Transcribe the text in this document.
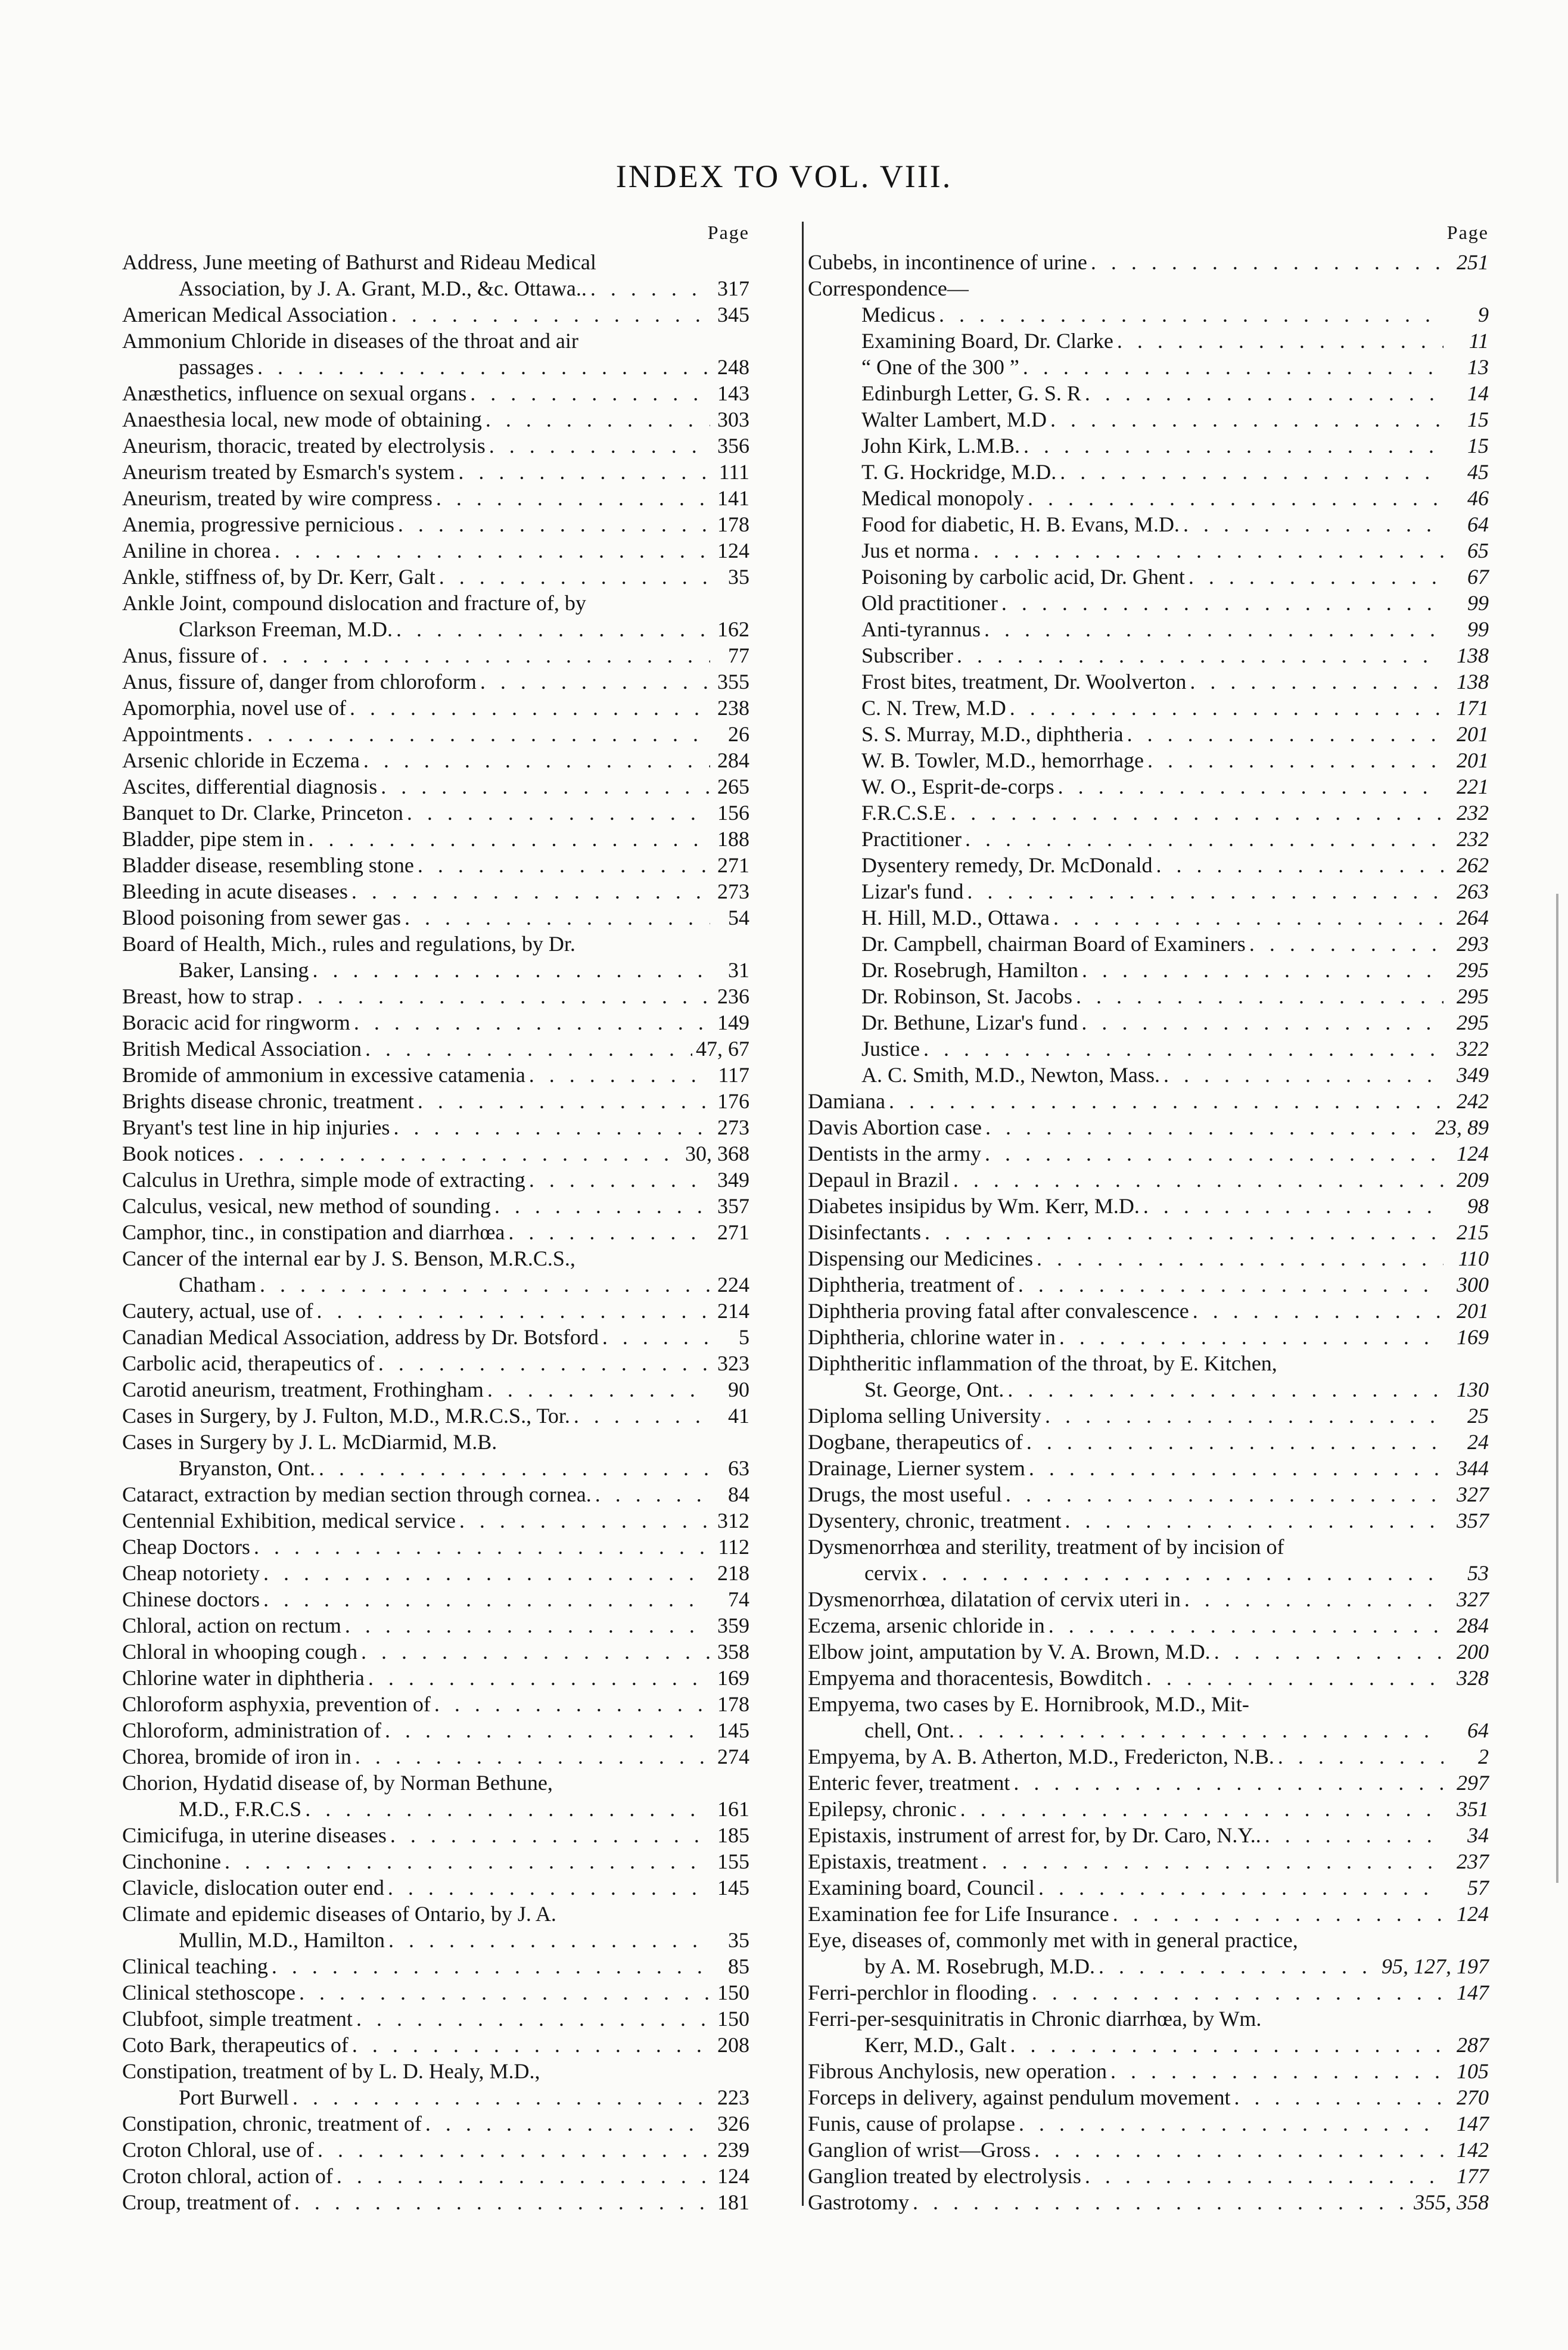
INDEX TO VOL. VIII.
Page
Address, June meeting of Bathurst and Rideau Medical
Association, by J. A. Grant, M.D., &c. Ottawa.. . . .	317
American Medical Association . . .	345
Ammonium Chloride in diseases of the throat and air
passages . . .	248
Anæsthetics, influence on sexual organs . . .	143
Anaesthesia local, new mode of obtaining . . .	303
Aneurism, thoracic, treated by electrolysis . . .	356
Aneurism treated by Esmarch's system . . .	111
Aneurism, treated by wire compress . . .	141
Anemia, progressive pernicious . . .	178
Aniline in chorea . . .	124
Ankle, stiffness of, by Dr. Kerr, Galt . . .	35
Ankle Joint, compound dislocation and fracture of, by
Clarkson Freeman, M.D. . . .	162
Anus, fissure of . . .	77
Anus, fissure of, danger from chloroform . . .	355
Apomorphia, novel use of . . .	238
Appointments . . .	26
Arsenic chloride in Eczema . . .	284
Ascites, differential diagnosis . . .	265
Banquet to Dr. Clarke, Princeton . . .	156
Bladder, pipe stem in . . .	188
Bladder disease, resembling stone . . .	271
Bleeding in acute diseases . . .	273
Blood poisoning from sewer gas . . .	54
Board of Health, Mich., rules and regulations, by Dr.
Baker, Lansing . . .	31
Breast, how to strap . . .	236
Boracic acid for ringworm . . .	149
British Medical Association . . .	47, 67
Bromide of ammonium in excessive catamenia . . .	117
Brights disease chronic, treatment . . .	176
Bryant's test line in hip injuries . . .	273
Book notices . . .	30, 368
Calculus in Urethra, simple mode of extracting . . .	349
Calculus, vesical, new method of sounding . . .	357
Camphor, tinc., in constipation and diarrhœa . . .	271
Cancer of the internal ear by J. S. Benson, M.R.C.S.,
Chatham . . .	224
Cautery, actual, use of . . .	214
Canadian Medical Association, address by Dr. Botsford . . .	5
Carbolic acid, therapeutics of . . .	323
Carotid aneurism, treatment, Frothingham . . .	90
Cases in Surgery, by J. Fulton, M.D., M.R.C.S., Tor. . . .	41
Cases in Surgery by J. L. McDiarmid, M.B.
Bryanston, Ont. . . .	63
Cataract, extraction by median section through cornea. . . .	84
Centennial Exhibition, medical service . . .	312
Cheap Doctors . . .	112
Cheap notoriety . . .	218
Chinese doctors . . .	74
Chloral, action on rectum . . .	359
Chloral in whooping cough . . .	358
Chlorine water in diphtheria . . .	169
Chloroform asphyxia, prevention of . . .	178
Chloroform, administration of . . .	145
Chorea, bromide of iron in . . .	274
Chorion, Hydatid disease of, by Norman Bethune,
M.D., F.R.C.S . . .	161
Cimicifuga, in uterine diseases . . .	185
Cinchonine . . .	155
Clavicle, dislocation outer end . . .	145
Climate and epidemic diseases of Ontario, by J. A.
Mullin, M.D., Hamilton . . .	35
Clinical teaching . . .	85
Clinical stethoscope . . .	150
Clubfoot, simple treatment . . .	150
Coto Bark, therapeutics of . . .	208
Constipation, treatment of by L. D. Healy, M.D.,
Port Burwell . . .	223
Constipation, chronic, treatment of . . .	326
Croton Chloral, use of . . .	239
Croton chloral, action of . . .	124
Croup, treatment of . . .	181
Page
Cubebs, in incontinence of urine . . .	251
Correspondence—
Medicus . . .	9
Examining Board, Dr. Clarke . . .	11
“ One of the 300 ” . . .	13
Edinburgh Letter, G. S. R . . .	14
Walter Lambert, M.D . . .	15
John Kirk, L.M.B. . . .	15
T. G. Hockridge, M.D. . . .	45
Medical monopoly . . .	46
Food for diabetic, H. B. Evans, M.D. . . .	64
Jus et norma . . .	65
Poisoning by carbolic acid, Dr. Ghent . . .	67
Old practitioner . . .	99
Anti-tyrannus . . .	99
Subscriber . . .	138
Frost bites, treatment, Dr. Woolverton . . .	138
C. N. Trew, M.D . . .	171
S. S. Murray, M.D., diphtheria . . .	201
W. B. Towler, M.D., hemorrhage . . .	201
W. O., Esprit-de-corps . . .	221
F.R.C.S.E . . .	232
Practitioner . . .	232
Dysentery remedy, Dr. McDonald . . .	262
Lizar's fund . . .	263
H. Hill, M.D., Ottawa . . .	264
Dr. Campbell, chairman Board of Examiners . . .	293
Dr. Rosebrugh, Hamilton . . .	295
Dr. Robinson, St. Jacobs . . .	295
Dr. Bethune, Lizar's fund . . .	295
Justice . . .	322
A. C. Smith, M.D., Newton, Mass. . . .	349
Damiana . . .	242
Davis Abortion case . . .	23, 89
Dentists in the army . . .	124
Depaul in Brazil . . .	209
Diabetes insipidus by Wm. Kerr, M.D. . . .	98
Disinfectants . . .	215
Dispensing our Medicines . . .	110
Diphtheria, treatment of . . .	300
Diphtheria proving fatal after convalescence . . .	201
Diphtheria, chlorine water in . . .	169
Diphtheritic inflammation of the throat, by E. Kitchen,
St. George, Ont. . . .	130
Diploma selling University . . .	25
Dogbane, therapeutics of . . .	24
Drainage, Lierner system . . .	344
Drugs, the most useful . . .	327
Dysentery, chronic, treatment . . .	357
Dysmenorrhœa and sterility, treatment of by incision of
cervix . . .	53
Dysmenorrhœa, dilatation of cervix uteri in . . .	327
Eczema, arsenic chloride in . . .	284
Elbow joint, amputation by V. A. Brown, M.D. . . .	200
Empyema and thoracentesis, Bowditch . . .	328
Empyema, two cases by E. Hornibrook, M.D., Mit-
chell, Ont. . . .	64
Empyema, by A. B. Atherton, M.D., Fredericton, N.B. . . .	2
Enteric fever, treatment . . .	297
Epilepsy, chronic . . .	351
Epistaxis, instrument of arrest for, by Dr. Caro, N.Y.. . . .	34
Epistaxis, treatment . . .	237
Examining board, Council . . .	57
Examination fee for Life Insurance . . .	124
Eye, diseases of, commonly met with in general practice,
by A. M. Rosebrugh, M.D. . . .	95, 127, 197
Ferri-perchlor in flooding . . .	147
Ferri-per-sesquinitratis in Chronic diarrhœa, by Wm.
Kerr, M.D., Galt . . .	287
Fibrous Anchylosis, new operation . . .	105
Forceps in delivery, against pendulum movement . . .	270
Funis, cause of prolapse . . .	147
Ganglion of wrist—Gross . . .	142
Ganglion treated by electrolysis . . .	177
Gastrotomy . . .	355, 358
